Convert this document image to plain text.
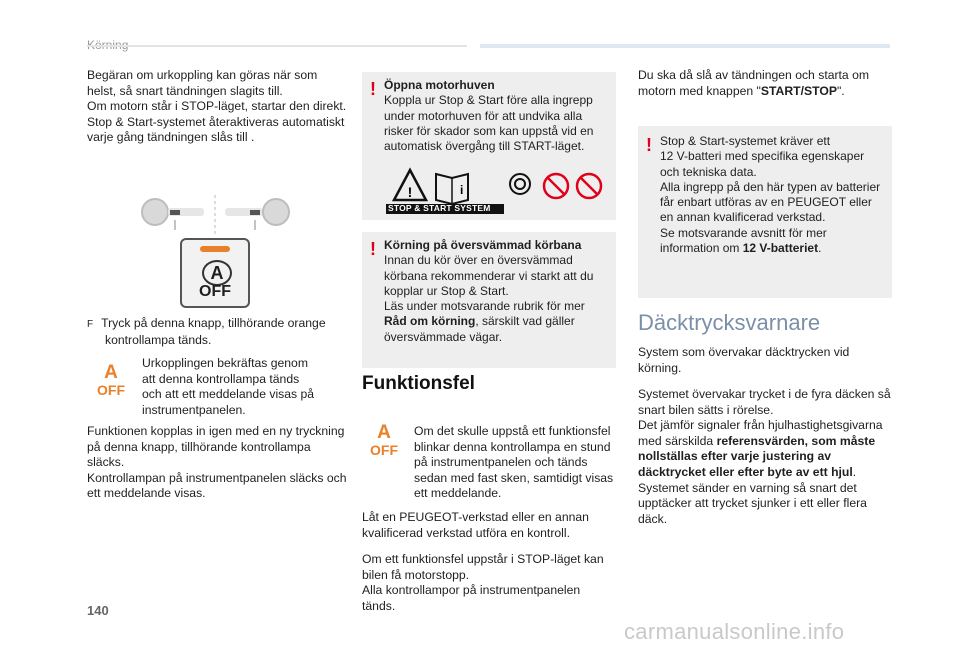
Begäran om urkoppling kan göras när som helst, så snart tändningen slagits till.

Om motorn står i STOP-läget, startar den direkt.

Stop & Start-systemet återaktiveras automatiskt varje gång tändningen slås till .

A
OFF

F Tryck på denna knapp, tillhörande orange kontrollampa tänds.

A
OFF

Urkopplingen bekräftas genom

att denna kontrollampa tänds

och att ett meddelande visas på

instrumentpanelen.

Funktionen kopplas in igen med en ny tryckning på denna knapp, tillhörande kontrollampa släcks.

Kontrollampan på instrumentpanelen släcks och ett meddelande visas.

! Öppna motorhuven

Koppla ur Stop & Start före alla ingrepp

under motorhuven för att undvika alla

risker för skador som kan uppstå vid en

automatisk övergång till START-läget.

!	i
STOP & START SYSTEM
! Körning på översvämmad körbana

Innan du kör över en översvämmad

körbana rekommenderar vi starkt att du

kopplar ur Stop & Start.

Läs under motsvarande rubrik för mer

Råd om körning, särskilt vad gäller

översvämmade vägar.

Funktionsfel
A
OFF

Om det skulle uppstå ett funktionsfel

blinkar denna kontrollampa en stund

på instrumentpanelen och tänds

sedan med fast sken, samtidigt visas

ett meddelande.

Låt en PEUGEOT-verkstad eller en annan kvalificerad verkstad utföra en kontroll.

Om ett funktionsfel uppstår i STOP-läget kan bilen få motorstopp.

Alla kontrollampor på instrumentpanelen tänds.

Du ska då slå av tändningen och starta om motorn med knappen "START/STOP".

! Stop & Start-systemet kräver ett

12 V-batteri med specifika egenskaper

och tekniska data.

Alla ingrepp på den här typen av batterier

får enbart utföras av en PEUGEOT eller

en annan kvalificerad verkstad.

Se motsvarande avsnitt för mer

information om 12 V-batteriet.

Däcktrycksvarnare
System som övervakar däcktrycken vid körning.

Systemet övervakar trycket i de fyra däcken så snart bilen sätts i rörelse.

Det jämför signaler från hjulhastighetsgivarna med särskilda referensvärden, som måste nollställas efter varje justering av däcktrycket eller efter byte av ett hjul.

Systemet sänder en varning så snart det upptäcker att trycket sjunker i ett eller flera däck.

140
carmanualsonline.info
